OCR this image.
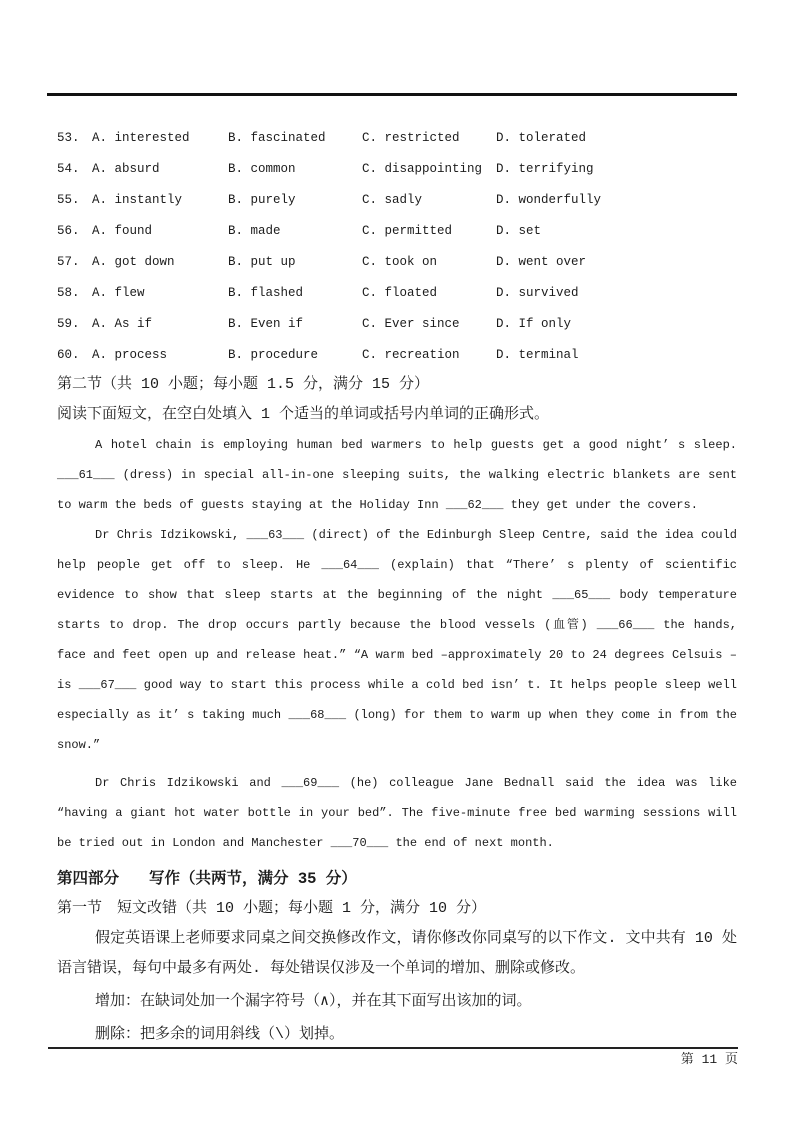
53. A. interested	B. fascinated	C. restricted	D. tolerated
54. A. absurd	B. common	C. disappointing	D. terrifying
55. A. instantly	B. purely	C. sadly	D. wonderfully
56. A. found	B. made	C. permitted	D. set
57. A. got down	B. put up	C. took on	D. went over
58. A. flew	B. flashed	C. floated	D. survived
59. A. As if	B. Even if	C. Ever since	D. If only
60. A. process	B. procedure	C. recreation	D. terminal
第二节（共 10 小题；每小题 1.5 分，满分 15 分）
阅读下面短文，在空白处填入 1 个适当的单词或括号内单词的正确形式。

A hotel chain is employing human bed warmers to help guests get a good night’ s sleep. ___61___ (dress) in special all-in-one sleeping suits, the walking electric blankets are sent to warm the beds of guests staying at the Holiday Inn ___62___ they get under the covers.

Dr Chris Idzikowski, ___63___ (direct) of the Edinburgh Sleep Centre, said the idea could help people get off to sleep. He ___64___ (explain) that “There’ s plenty of scientific evidence to show that sleep starts at the beginning of the night ___65___ body temperature starts to drop. The drop occurs partly because the blood vessels (血管) ___66___ the hands, face and feet open up and release heat.” “A warm bed –approximately 20 to 24 degrees Celsuis –is ___67___ good way to start this process while a cold bed isn’ t. It helps people sleep well especially as it’ s taking much ___68___ (long) for them to warm up when they come in from the snow.”

Dr Chris Idzikowski and ___69___ (he) colleague Jane Bednall said the idea was like “having a giant hot water bottle in your bed”. The five-minute free bed warming sessions will be tried out in London and Manchester ___70___ the end of next month.

第四部分 写作（共两节，满分 35 分）
第一节　短文改错（共 10 小题；每小题 1 分，满分 10 分）

假定英语课上老师要求同桌之间交换修改作文，请你修改你同桌写的以下作文. 文中共有 10 处语言错误，每句中最多有两处. 每处错误仅涉及一个单词的增加、删除或修改。

增加：在缺词处加一个漏字符号（∧），并在其下面写出该加的词。
删除：把多余的词用斜线（\）划掉。
第 11 页
